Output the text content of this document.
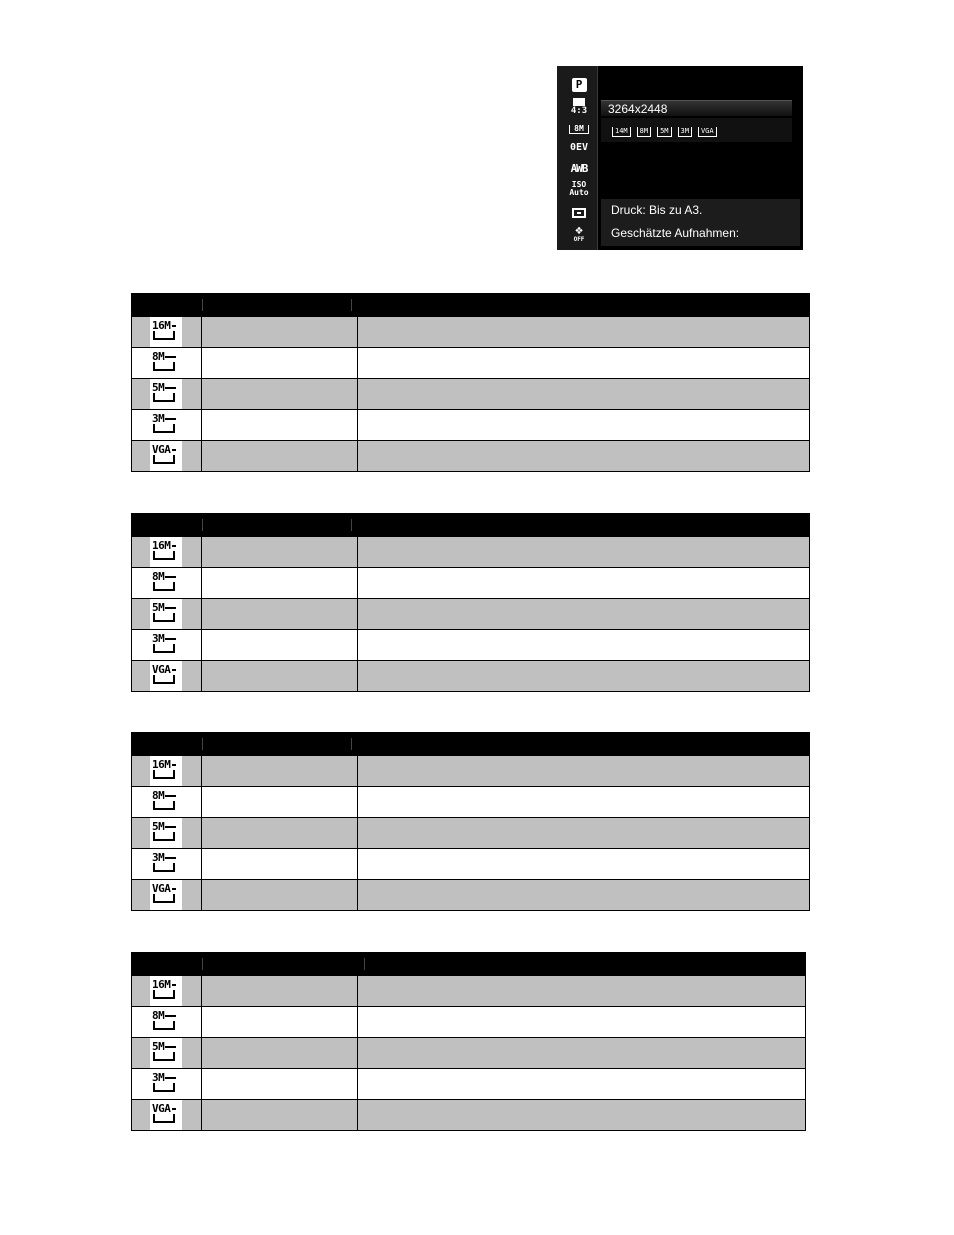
P
4:3
8M
0EV
AWB
ISO
Auto
❖
OFF
3264x2448
14M	8M	5M	3M	VGA
Druck: Bis zu A3.
Geschätzte Aufnahmen:
16M
8M
5M
3M
VGA
16M
8M
5M
3M
VGA
16M
8M
5M
3M
VGA
16M
8M
5M
3M
VGA
